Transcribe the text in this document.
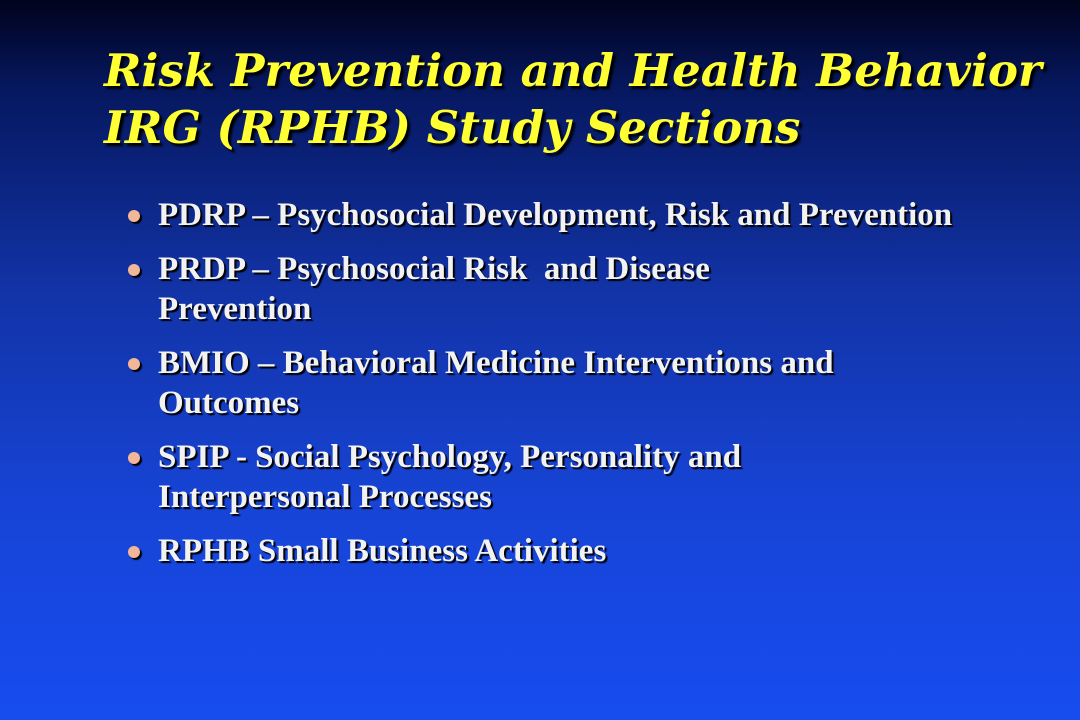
Risk Prevention and Health Behavior
IRG (RPHB) Study Sections
PDRP – Psychosocial Development, Risk and Prevention
PRDP – Psychosocial Risk  and Disease Prevention
BMIO – Behavioral Medicine Interventions and Outcomes
SPIP - Social Psychology, Personality and Interpersonal Processes
RPHB Small Business Activities
